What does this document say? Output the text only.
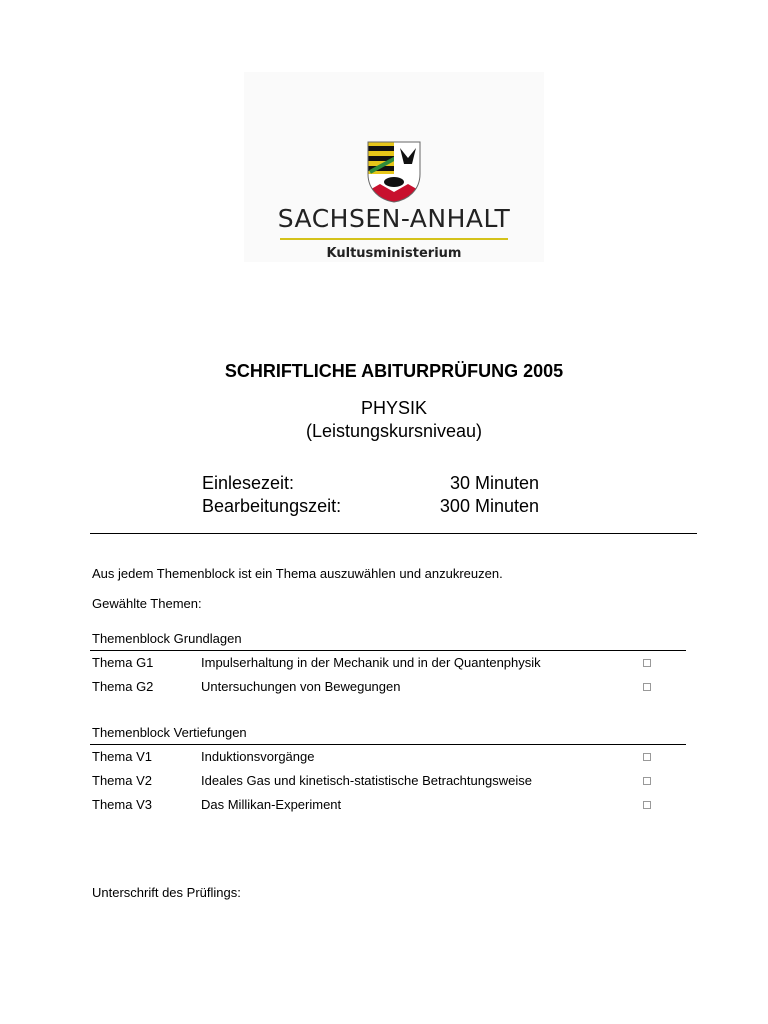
SACHSEN-ANHALT
Kultusministerium
SCHRIFTLICHE ABITURPRÜFUNG 2005
PHYSIK
(Leistungskursniveau)
Einlesezeit:	30 Minuten
Bearbeitungszeit:	300 Minuten
Aus jedem Themenblock ist ein Thema auszuwählen und anzukreuzen.
Gewählte Themen:
Themenblock Grundlagen
Thema G1	Impulserhaltung in der Mechanik und in der Quantenphysik
Thema G2	Untersuchungen von Bewegungen
Themenblock Vertiefungen
Thema V1	Induktionsvorgänge
Thema V2	Ideales Gas und kinetisch-statistische Betrachtungsweise
Thema V3	Das Millikan-Experiment
Unterschrift des Prüflings:
